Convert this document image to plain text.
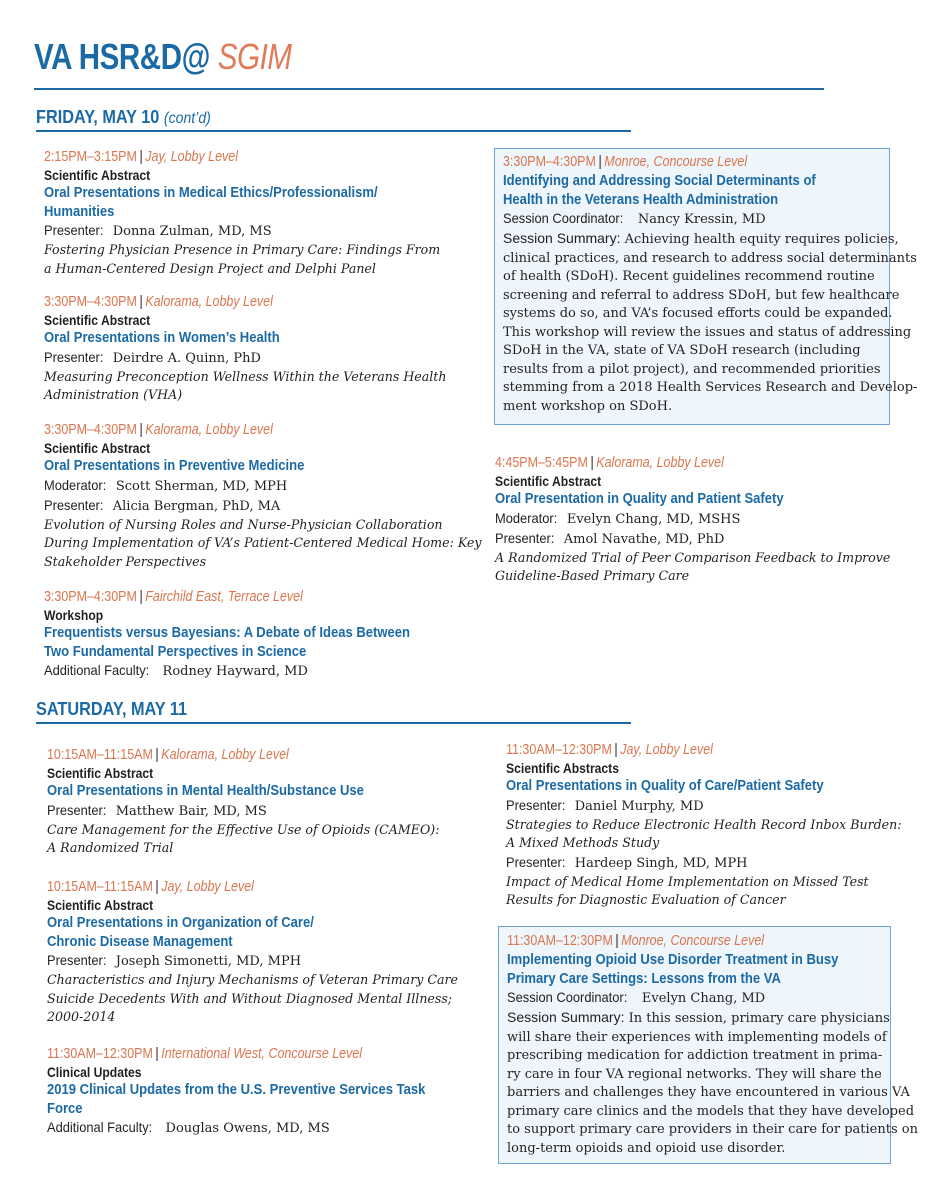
VA HSR&D@ SGIM
FRIDAY, MAY 10 (cont’d)
2:15PM–3:15PM | Jay, Lobby Level
Scientific Abstract
Oral Presentations in Medical Ethics/Professionalism/
Humanities
Presenter: Donna Zulman, MD, MS
Fostering Physician Presence in Primary Care: Findings From
a Human-Centered Design Project and Delphi Panel
3:30PM–4:30PM | Kalorama, Lobby Level
Scientific Abstract
Oral Presentations in Women’s Health
Presenter: Deirdre A. Quinn, PhD
Measuring Preconception Wellness Within the Veterans Health
Administration (VHA)
3:30PM–4:30PM | Kalorama, Lobby Level
Scientific Abstract
Oral Presentations in Preventive Medicine
Moderator: Scott Sherman, MD, MPH
Presenter: Alicia Bergman, PhD, MA
Evolution of Nursing Roles and Nurse-Physician Collaboration
During Implementation of VA’s Patient-Centered Medical Home: Key
Stakeholder Perspectives
3:30PM–4:30PM | Fairchild East, Terrace Level
Workshop
Frequentists versus Bayesians: A Debate of Ideas Between
Two Fundamental Perspectives in Science
Additional Faculty: Rodney Hayward, MD
3:30PM–4:30PM | Monroe, Concourse Level
Identifying and Addressing Social Determinants of
Health in the Veterans Health Administration
Session Coordinator: Nancy Kressin, MD
Session Summary: Achieving health equity requires policies,
clinical practices, and research to address social determinants
of health (SDoH). Recent guidelines recommend routine
screening and referral to address SDoH, but few healthcare
systems do so, and VA’s focused efforts could be expanded.
This workshop will review the issues and status of addressing
SDoH in the VA, state of VA SDoH research (including
results from a pilot project), and recommended priorities
stemming from a 2018 Health Services Research and Develop-
ment workshop on SDoH.
4:45PM–5:45PM | Kalorama, Lobby Level
Scientific Abstract
Oral Presentation in Quality and Patient Safety
Moderator: Evelyn Chang, MD, MSHS
Presenter: Amol Navathe, MD, PhD
A Randomized Trial of Peer Comparison Feedback to Improve
Guideline-Based Primary Care
SATURDAY, MAY 11
10:15AM–11:15AM | Kalorama, Lobby Level
Scientific Abstract
Oral Presentations in Mental Health/Substance Use
Presenter: Matthew Bair, MD, MS
Care Management for the Effective Use of Opioids (CAMEO):
A Randomized Trial
10:15AM–11:15AM | Jay, Lobby Level
Scientific Abstract
Oral Presentations in Organization of Care/
Chronic Disease Management
Presenter: Joseph Simonetti, MD, MPH
Characteristics and Injury Mechanisms of Veteran Primary Care
Suicide Decedents With and Without Diagnosed Mental Illness;
2000-2014
11:30AM–12:30PM | International West, Concourse Level
Clinical Updates
2019 Clinical Updates from the U.S. Preventive Services Task
Force
Additional Faculty: Douglas Owens, MD, MS
11:30AM–12:30PM | Jay, Lobby Level
Scientific Abstracts
Oral Presentations in Quality of Care/Patient Safety
Presenter: Daniel Murphy, MD
Strategies to Reduce Electronic Health Record Inbox Burden:
A Mixed Methods Study
Presenter: Hardeep Singh, MD, MPH
Impact of Medical Home Implementation on Missed Test
Results for Diagnostic Evaluation of Cancer
11:30AM–12:30PM | Monroe, Concourse Level
Implementing Opioid Use Disorder Treatment in Busy
Primary Care Settings: Lessons from the VA
Session Coordinator: Evelyn Chang, MD
Session Summary: In this session, primary care physicians
will share their experiences with implementing models of
prescribing medication for addiction treatment in prima-
ry care in four VA regional networks. They will share the
barriers and challenges they have encountered in various VA
primary care clinics and the models that they have developed
to support primary care providers in their care for patients on
long-term opioids and opioid use disorder.
